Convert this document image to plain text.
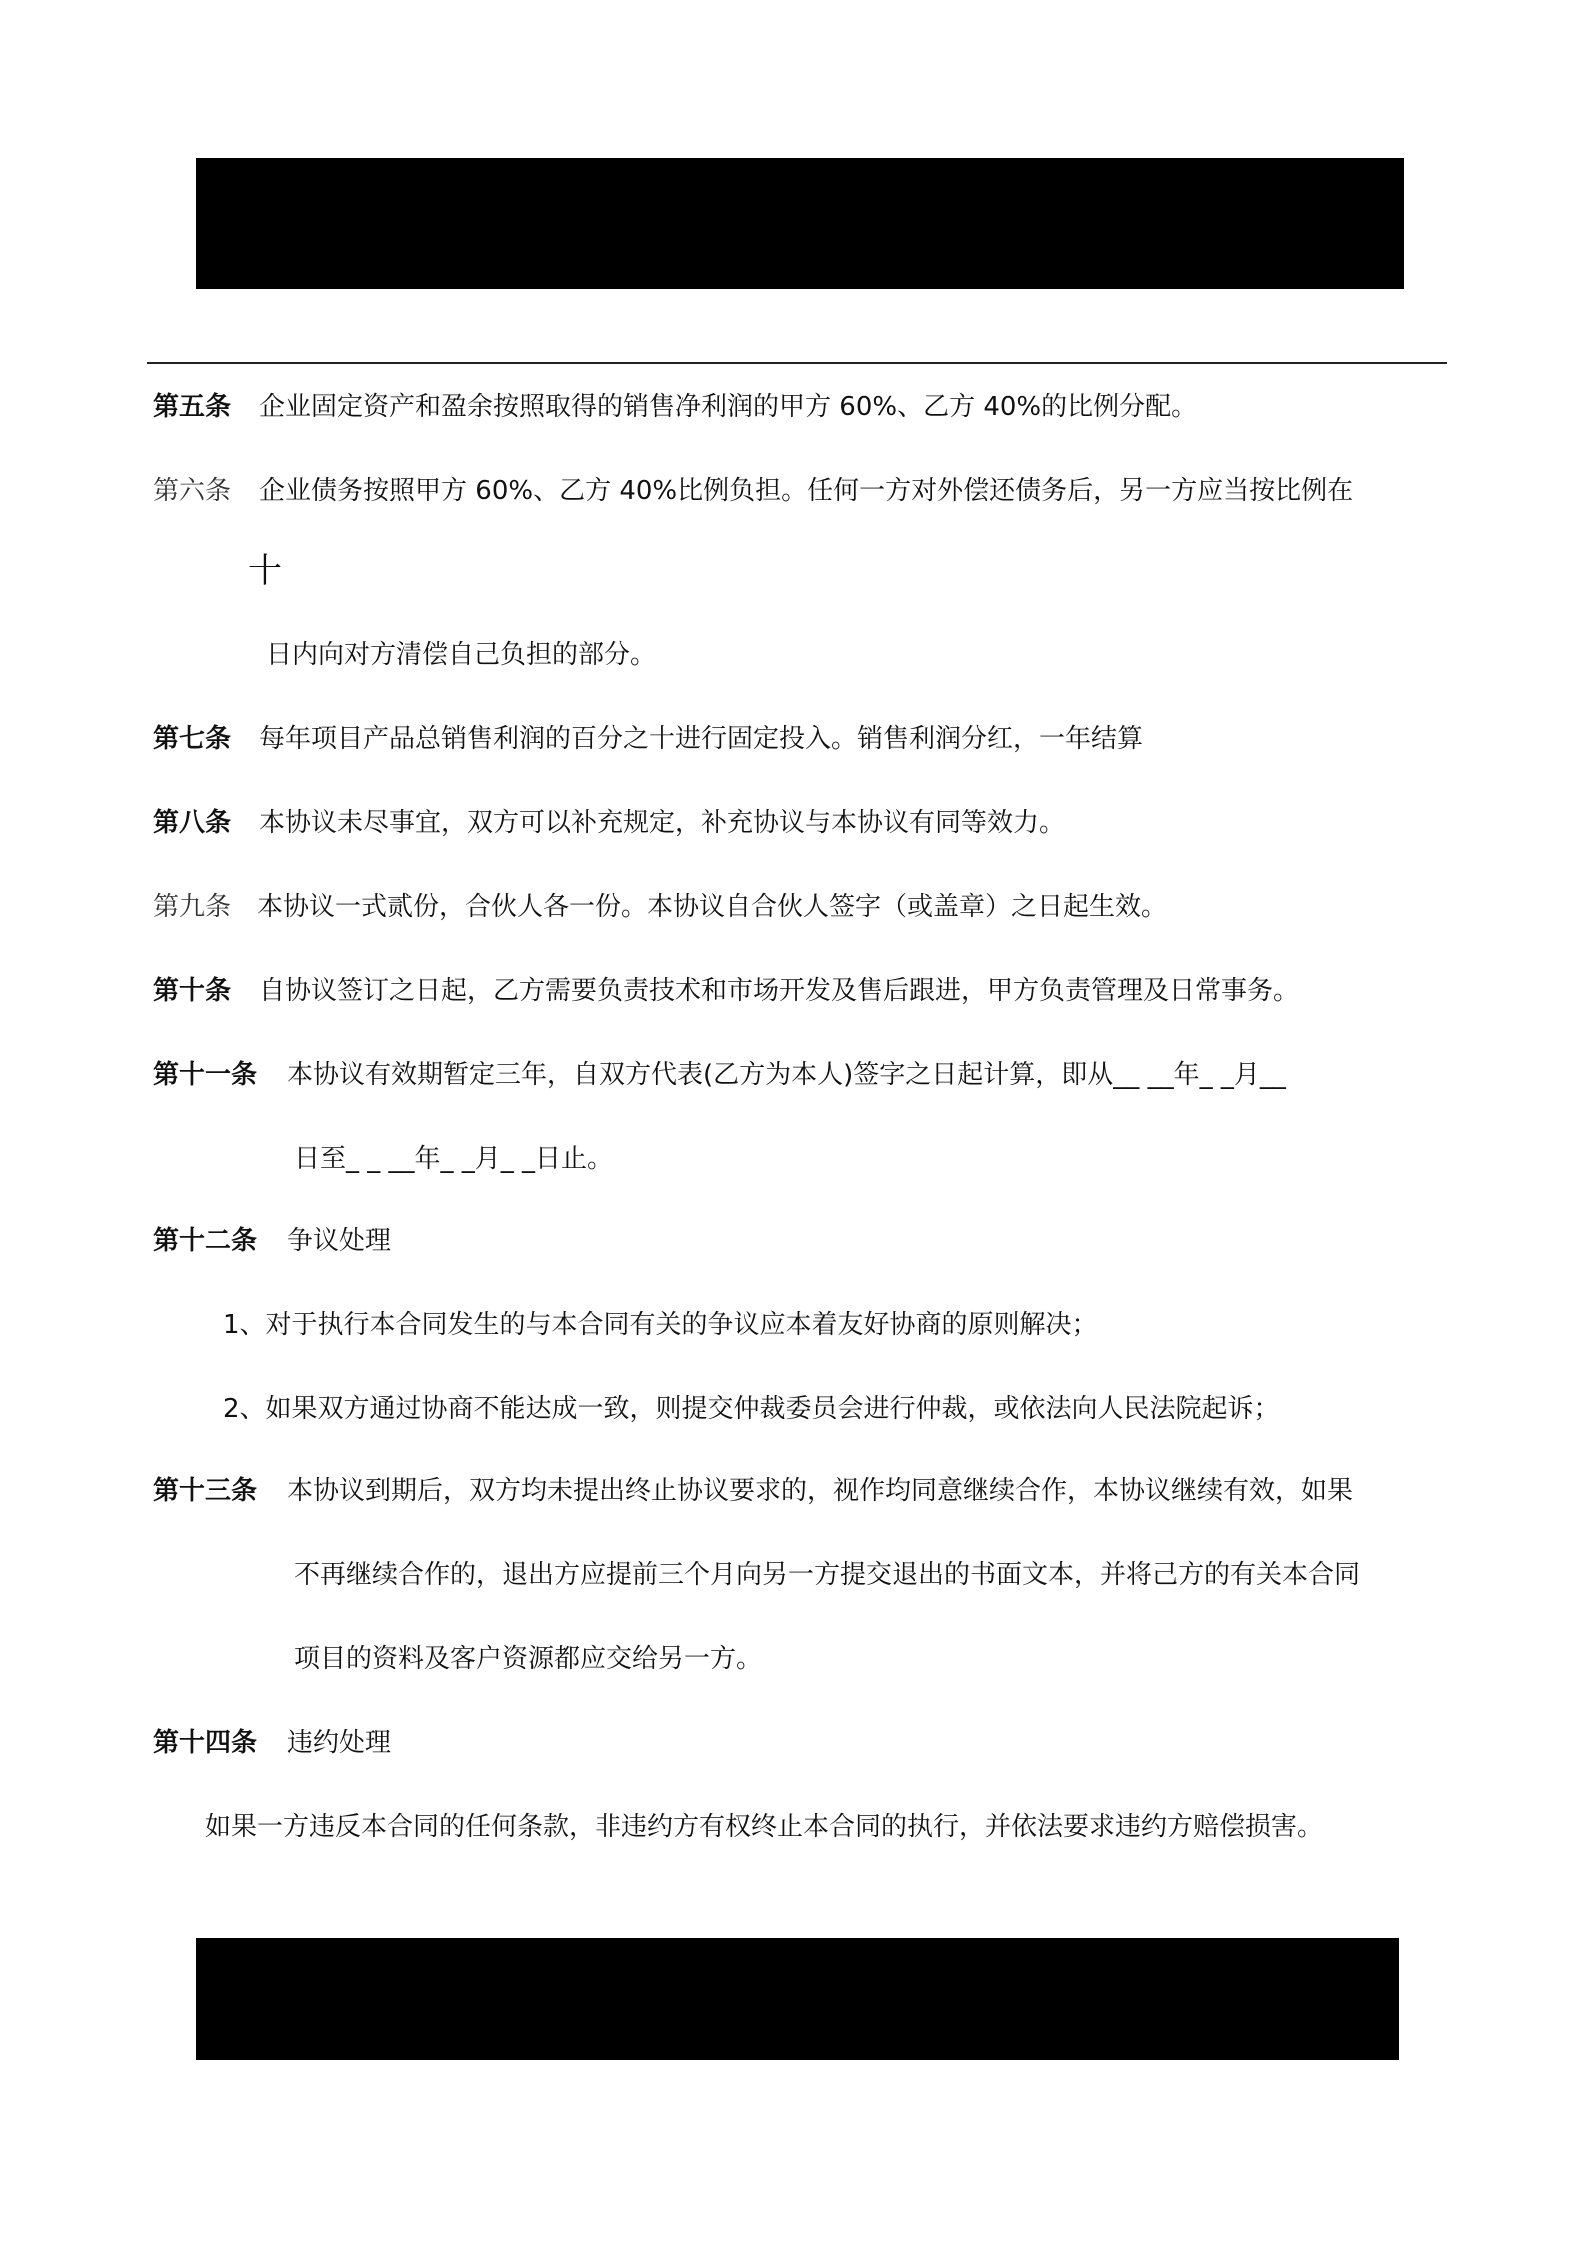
第五条 企业固定资产和盈余按照取得的销售净利润的甲方 60%、乙方 40%的比例分配。
第六条 企业债务按照甲方 60%、乙方 40%比例负担。任何一方对外偿还债务后，另一方应当按比例在
十
日内向对方清偿自己负担的部分。
第七条 每年项目产品总销售利润的百分之十进行固定投入。销售利润分红，一年结算
第八条 本协议未尽事宜，双方可以补充规定，补充协议与本协议有同等效力。
第九条 本协议一式贰份，合伙人各一份。本协议自合伙人签字（或盖章）之日起生效。
第十条 自协议签订之日起，乙方需要负责技术和市场开发及售后跟进，甲方负责管理及日常事务。
第十一条 本协议有效期暂定三年，自双方代表(乙方为本人)签字之日起计算，即从__ __年_ _月__
日至_ _ __年_ _月_ _日止。
第十二条 争议处理
1、对于执行本合同发生的与本合同有关的争议应本着友好协商的原则解决；
2、如果双方通过协商不能达成一致，则提交仲裁委员会进行仲裁，或依法向人民法院起诉；
第十三条 本协议到期后，双方均未提出终止协议要求的，视作均同意继续合作，本协议继续有效，如果
不再继续合作的，退出方应提前三个月向另一方提交退出的书面文本，并将己方的有关本合同
项目的资料及客户资源都应交给另一方。
第十四条 违约处理
如果一方违反本合同的任何条款，非违约方有权终止本合同的执行，并依法要求违约方赔偿损害。
